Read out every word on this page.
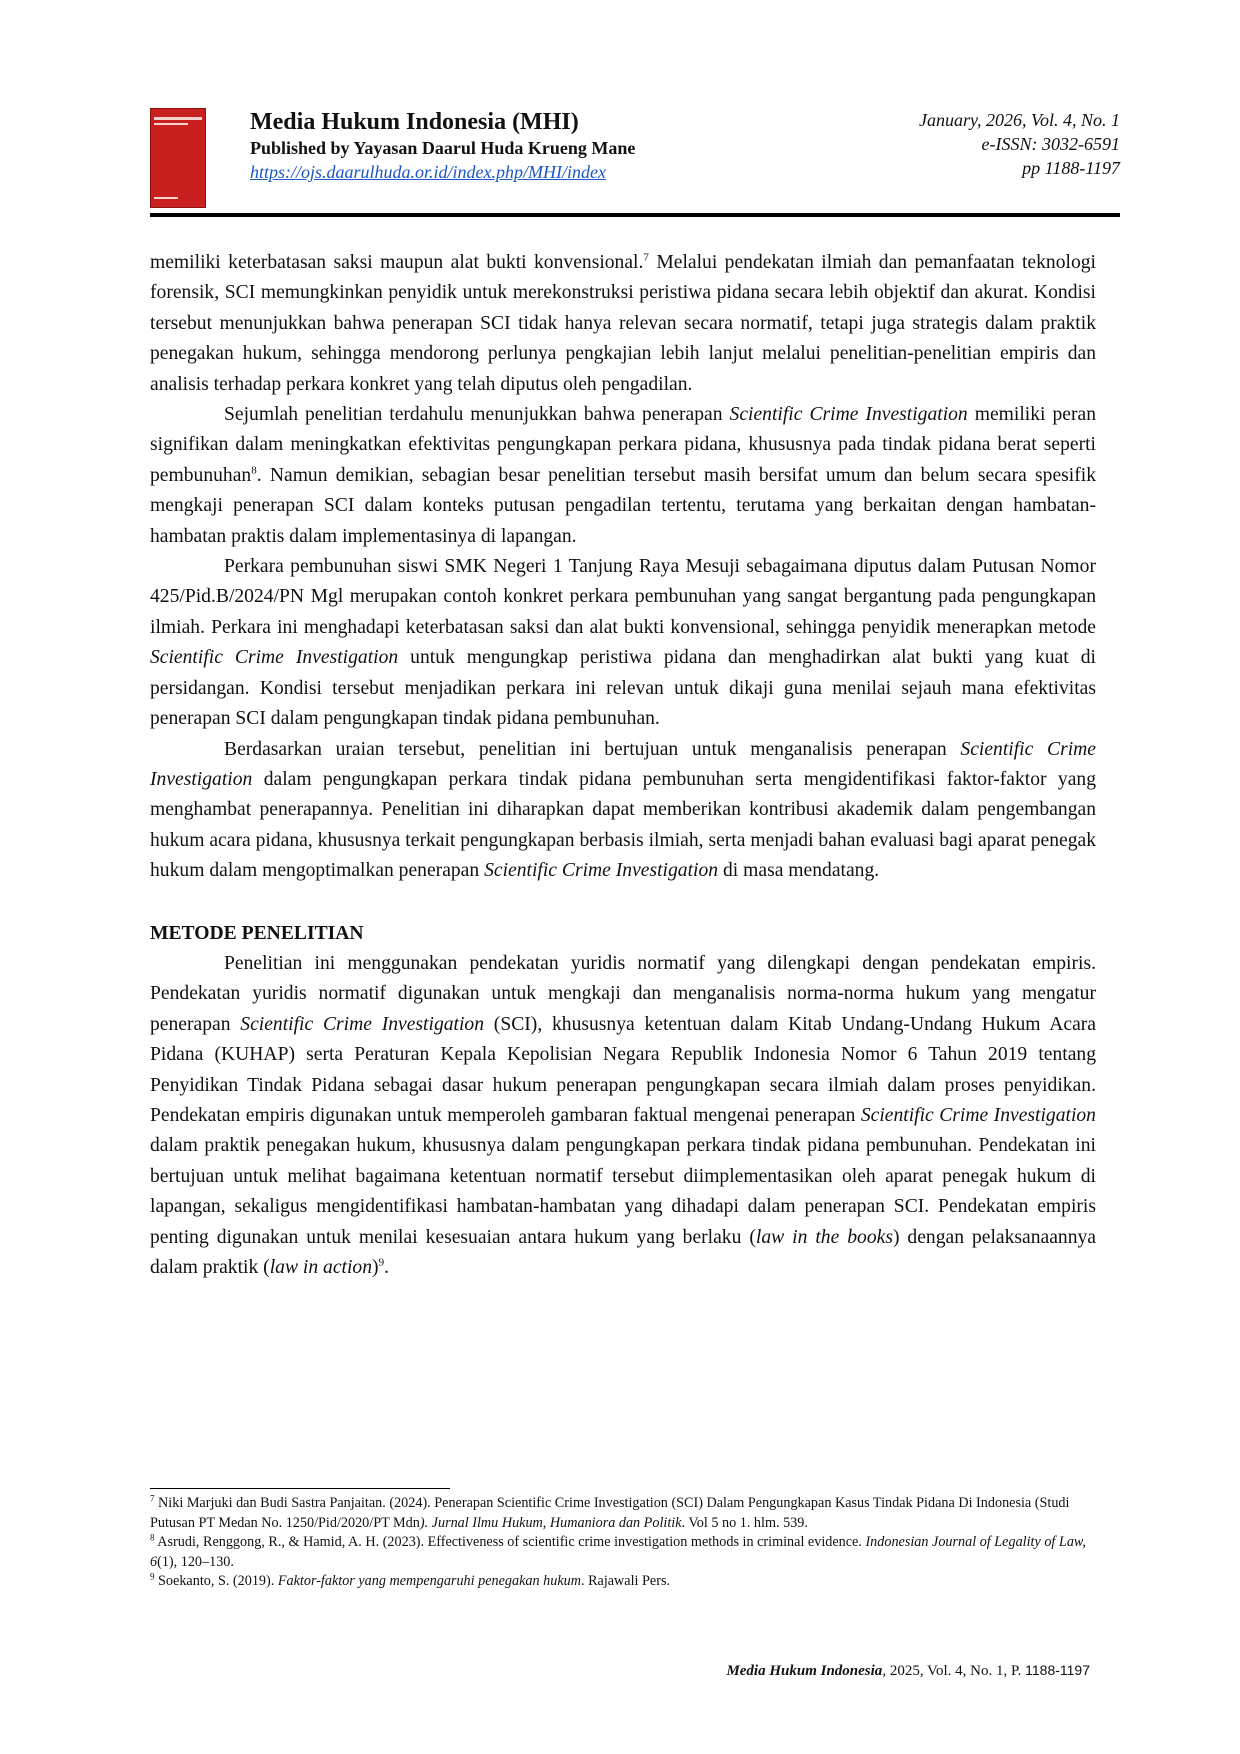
Media Hukum Indonesia (MHI)
Published by Yayasan Daarul Huda Krueng Mane
https://ojs.daarulhuda.or.id/index.php/MHI/index
January, 2026, Vol. 4, No. 1
e-ISSN: 3032-6591
pp 1188-1197

memiliki keterbatasan saksi maupun alat bukti konvensional.$^7$ Melalui pendekatan ilmiah dan pemanfaatan teknologi forensik, SCI memungkinkan penyidik untuk merekonstruksi peristiwa pidana secara lebih objektif dan akurat. Kondisi tersebut menunjukkan bahwa penerapan SCI tidak hanya relevan secara normatif, tetapi juga strategis dalam praktik penegakan hukum, sehingga mendorong perlunya pengkajian lebih lanjut melalui penelitian-penelitian empiris dan analisis terhadap perkara konkret yang telah diputus oleh pengadilan.

Sejumlah penelitian terdahulu menunjukkan bahwa penerapan Scientific Crime Investigation memiliki peran signifikan dalam meningkatkan efektivitas pengungkapan perkara pidana, khususnya pada tindak pidana berat seperti pembunuhan$^8$. Namun demikian, sebagian besar penelitian tersebut masih bersifat umum dan belum secara spesifik mengkaji penerapan SCI dalam konteks putusan pengadilan tertentu, terutama yang berkaitan dengan hambatan-hambatan praktis dalam implementasinya di lapangan.

Perkara pembunuhan siswi SMK Negeri 1 Tanjung Raya Mesuji sebagaimana diputus dalam Putusan Nomor 425/Pid.B/2024/PN Mgl merupakan contoh konkret perkara pembunuhan yang sangat bergantung pada pengungkapan ilmiah. Perkara ini menghadapi keterbatasan saksi dan alat bukti konvensional, sehingga penyidik menerapkan metode Scientific Crime Investigation untuk mengungkap peristiwa pidana dan menghadirkan alat bukti yang kuat di persidangan. Kondisi tersebut menjadikan perkara ini relevan untuk dikaji guna menilai sejauh mana efektivitas penerapan SCI dalam pengungkapan tindak pidana pembunuhan.

Berdasarkan uraian tersebut, penelitian ini bertujuan untuk menganalisis penerapan Scientific Crime Investigation dalam pengungkapan perkara tindak pidana pembunuhan serta mengidentifikasi faktor-faktor yang menghambat penerapannya. Penelitian ini diharapkan dapat memberikan kontribusi akademik dalam pengembangan hukum acara pidana, khususnya terkait pengungkapan berbasis ilmiah, serta menjadi bahan evaluasi bagi aparat penegak hukum dalam mengoptimalkan penerapan Scientific Crime Investigation di masa mendatang.

METODE PENELITIAN

Penelitian ini menggunakan pendekatan yuridis normatif yang dilengkapi dengan pendekatan empiris. Pendekatan yuridis normatif digunakan untuk mengkaji dan menganalisis norma-norma hukum yang mengatur penerapan Scientific Crime Investigation (SCI), khususnya ketentuan dalam Kitab Undang-Undang Hukum Acara Pidana (KUHAP) serta Peraturan Kepala Kepolisian Negara Republik Indonesia Nomor 6 Tahun 2019 tentang Penyidikan Tindak Pidana sebagai dasar hukum penerapan pengungkapan secara ilmiah dalam proses penyidikan. Pendekatan empiris digunakan untuk memperoleh gambaran faktual mengenai penerapan Scientific Crime Investigation dalam praktik penegakan hukum, khususnya dalam pengungkapan perkara tindak pidana pembunuhan. Pendekatan ini bertujuan untuk melihat bagaimana ketentuan normatif tersebut diimplementasikan oleh aparat penegak hukum di lapangan, sekaligus mengidentifikasi hambatan-hambatan yang dihadapi dalam penerapan SCI. Pendekatan empiris penting digunakan untuk menilai kesesuaian antara hukum yang berlaku (law in the books) dengan pelaksanaannya dalam praktik (law in action)$^9$.

$^7$ Niki Marjuki dan Budi Sastra Panjaitan. (2024). Penerapan Scientific Crime Investigation (SCI) Dalam Pengungkapan Kasus Tindak Pidana Di Indonesia (Studi Putusan PT Medan No. 1250/Pid/2020/PT Mdn). Jurnal Ilmu Hukum, Humaniora dan Politik. Vol 5 no 1. hlm. 539.

$^8$ Asrudi, Renggong, R., & Hamid, A. H. (2023). Effectiveness of scientific crime investigation methods in criminal evidence. Indonesian Journal of Legality of Law, 6(1), 120–130.

$^9$ Soekanto, S. (2019). Faktor-faktor yang mempengaruhi penegakan hukum. Rajawali Pers.

Media Hukum Indonesia, 2025, Vol. 4, No. 1, P. 1188-1197
